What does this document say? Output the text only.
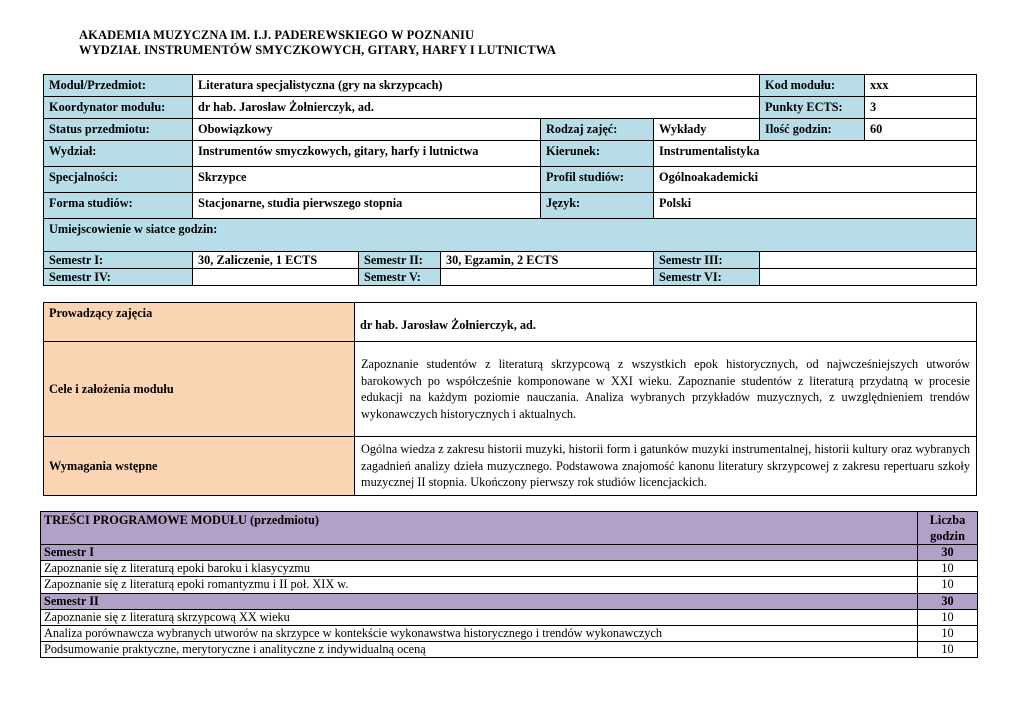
AKADEMIA MUZYCZNA IM. I.J. PADEREWSKIEGO W POZNANIU
WYDZIAŁ INSTRUMENTÓW SMYCZKOWYCH, GITARY, HARFY I LUTNICTWA
Moduł/Przedmiot:	Literatura specjalistyczna (gry na skrzypcach)					Kod modułu:	xxx
Koordynator modułu:	dr hab. Jarosław Żołnierczyk, ad.					Punkty ECTS:	3
Status przedmiotu:	Obowiązkowy			Rodzaj zajęć:	Wykłady	Ilość godzin:	60
Wydział:	Instrumentów smyczkowych, gitary, harfy i lutnictwa			Kierunek:	Instrumentalistyka		
Specjalności:	Skrzypce			Profil studiów:	Ogólnoakademicki		
Forma studiów:	Stacjonarne, studia pierwszego stopnia			Język:	Polski		
Umiejscowienie w siatce godzin:							
Semestr I:	30, Zaliczenie, 1 ECTS	Semestr II:	30, Egzamin, 2 ECTS		Semestr III:		
Semestr IV:		Semestr V:			Semestr VI:		
Prowadzący zajęcia	dr hab. Jarosław Żołnierczyk, ad.
Cele i założenia modułu	Zapoznanie studentów z literaturą skrzypcową z wszystkich epok historycznych, od najwcześniejszych utworów barokowych po współcześnie komponowane w XXI wieku. Zapoznanie studentów z literaturą przydatną w procesie edukacji na każdym poziomie nauczania. Analiza wybranych przykładów muzycznych, z uwzględnieniem trendów wykonawczych historycznych i aktualnych.
Wymagania wstępne	Ogólna wiedza z zakresu historii muzyki, historii form i gatunków muzyki instrumentalnej, historii kultury oraz wybranych zagadnień analizy dzieła muzycznego. Podstawowa znajomość kanonu literatury skrzypcowej z zakresu repertuaru szkoły muzycznej II stopnia. Ukończony pierwszy rok studiów licencjackich.
TREŚCI PROGRAMOWE MODUŁU (przedmiotu)	Liczba
godzin

Semestr I	30
Zapoznanie się z literaturą epoki baroku i klasycyzmu	10
Zapoznanie się z literaturą epoki romantyzmu i II poł. XIX w.	10
Semestr II	30
Zapoznanie się z literaturą skrzypcową XX wieku	10
Analiza porównawcza wybranych utworów na skrzypce w kontekście wykonawstwa historycznego i trendów wykonawczych	10
Podsumowanie praktyczne, merytoryczne i analityczne z indywidualną oceną	10
